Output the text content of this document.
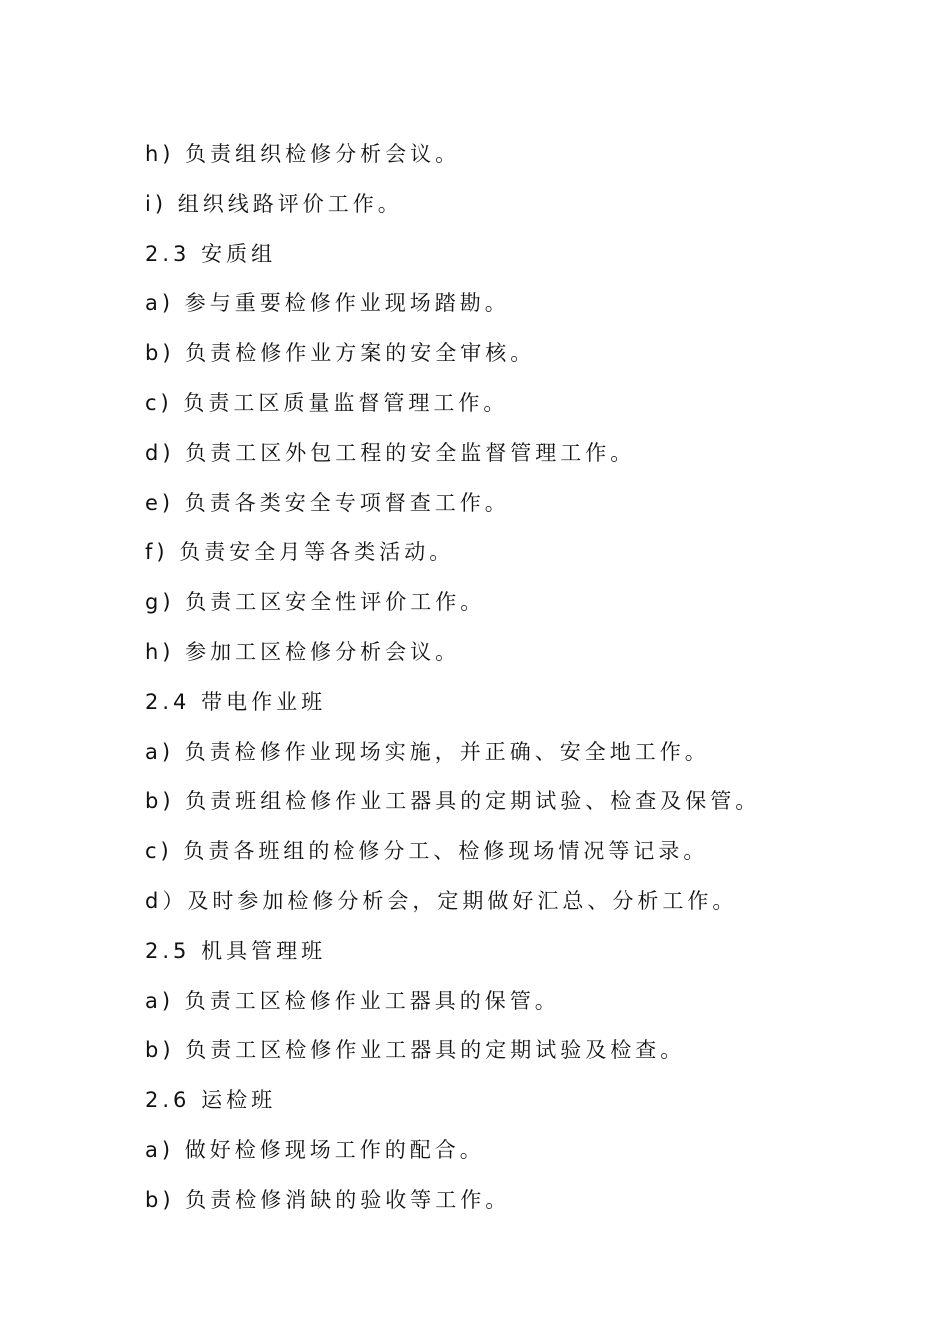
h) 负责组织检修分析会议。
i) 组织线路评价工作。
2.3 安质组
a) 参与重要检修作业现场踏勘。
b) 负责检修作业方案的安全审核。
c) 负责工区质量监督管理工作。
d) 负责工区外包工程的安全监督管理工作。
e) 负责各类安全专项督查工作。
f) 负责安全月等各类活动。
g) 负责工区安全性评价工作。
h) 参加工区检修分析会议。
2.4 带电作业班
a) 负责检修作业现场实施，并正确、安全地工作。
b) 负责班组检修作业工器具的定期试验、检查及保管。
c) 负责各班组的检修分工、检修现场情况等记录。
d）及时参加检修分析会，定期做好汇总、分析工作。
2.5 机具管理班
a) 负责工区检修作业工器具的保管。
b) 负责工区检修作业工器具的定期试验及检查。
2.6 运检班
a) 做好检修现场工作的配合。
b) 负责检修消缺的验收等工作。
